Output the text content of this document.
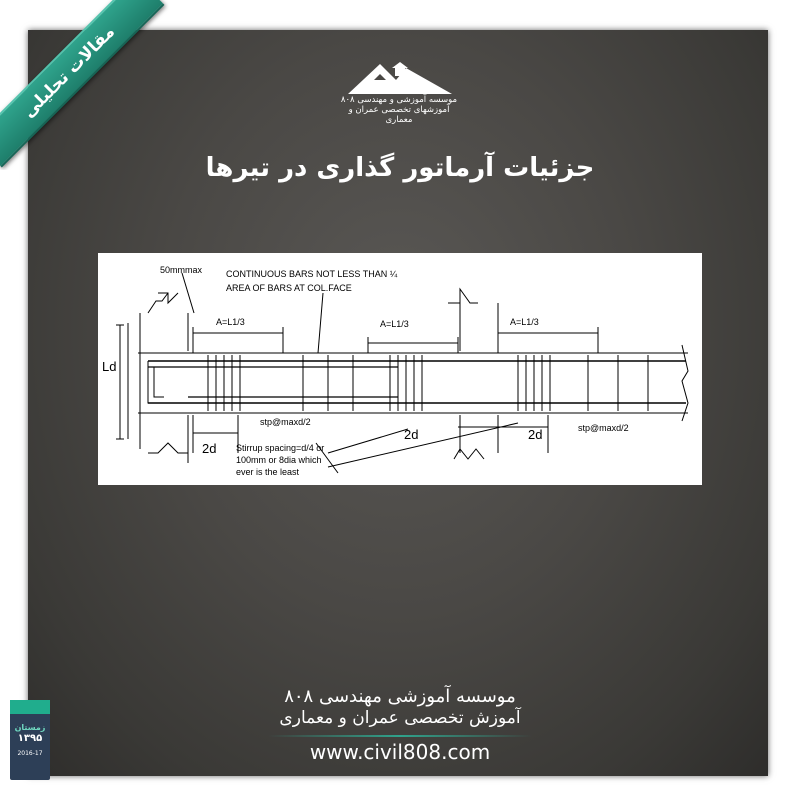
مقالات تحلیلی	موسسه آموزشی و مهندسی ۸۰۸
آموزشهای تخصصی عمران و معماری
جزئیات آرماتور گذاری در تیرها
50mmmax	CONTINUOUS BARS NOT LESS THAN ¼
AREA OF BARS AT COL.FACE
A=L1/3	A=L1/3	A=L1/3
stp@maxd/2
stp@maxd/2
Stirrup spacing=d/4 or
100mm or 8dia which
ever is the least
Ld
2d
2d	2d
موسسه آموزشی مهندسی ۸۰۸
آموزش تخصصی عمران و معماری
www.civil808.com
زمستان
۱۳۹۵
2016-17
